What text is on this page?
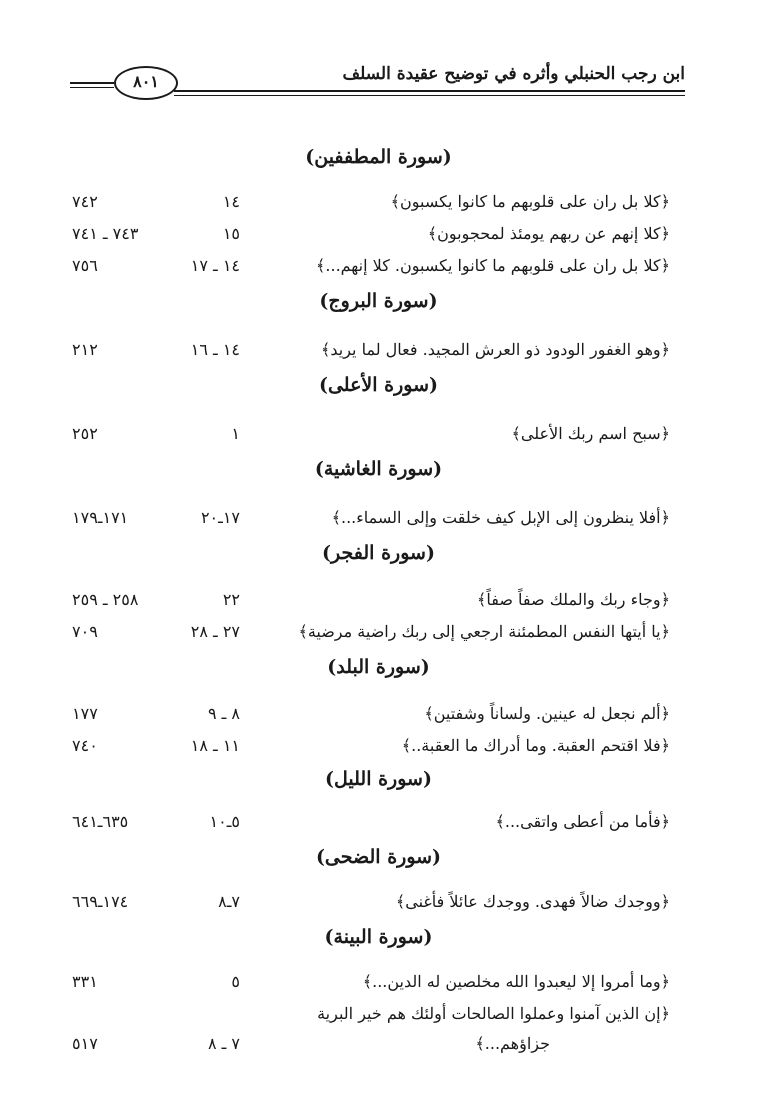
٨٠١	ابن رجب الحنبلي وأثره في توضيح عقيدة السلف
(سورة المطففين)
﴿كلا بل ران على قلوبهم ما كانوا يكسبون﴾
١٤
٧٤٢
﴿كلا إنهم عن ربهم يومئذ لمحجوبون﴾
١٥
٧٤٣ ـ ٧٤١
﴿كلا بل ران على قلوبهم ما كانوا يكسبون. كلا إنهم...﴾
١٤ ـ ١٧
٧٥٦
(سورة البروج)
﴿وهو الغفور الودود ذو العرش المجيد. فعال لما يريد﴾
١٤ ـ ١٦
٢١٢
(سورة الأعلى)
﴿سبح اسم ربك الأعلى﴾
١
٢٥٢
(سورة الغاشية)
﴿أفلا ينظرون إلى الإبل كيف خلقت وإلى السماء...﴾
١٧ـ٢٠
١٧١ـ١٧٩
(سورة الفجر)
﴿وجاء ربك والملك صفاً صفاً﴾
٢٢
٢٥٨ ـ ٢٥٩
﴿يا أيتها النفس المطمئنة ارجعي إلى ربك راضية مرضية﴾
٢٧ ـ ٢٨
٧٠٩
(سورة البلد)
﴿ألم نجعل له عينين. ولساناً وشفتين﴾
٨ ـ ٩
١٧٧
﴿فلا اقتحم العقبة. وما أدراك ما العقبة..﴾
١١ ـ ١٨
٧٤٠
(سورة الليل)
﴿فأما من أعطى واتقى...﴾
٥ـ١٠
٦٣٥ـ٦٤١
(سورة الضحى)
﴿ووجدك ضالاً فهدى. ووجدك عائلاً فأغنى﴾
٧ـ٨
١٧٤ـ٦٦٩
(سورة البينة)
﴿وما أمروا إلا ليعبدوا الله مخلصين له الدين...﴾
٥
٣٣١
﴿إن الذين آمنوا وعملوا الصالحات أولئك هم خير البرية
جزاؤهم...﴾
٧ ـ ٨
٥١٧
